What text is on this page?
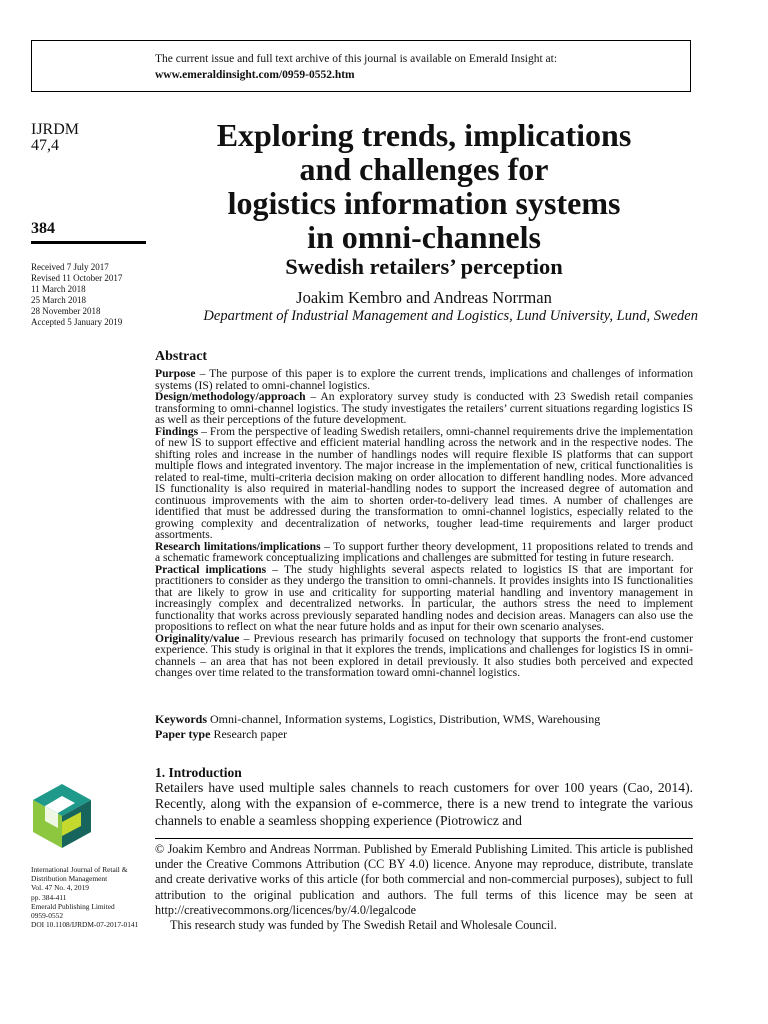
The current issue and full text archive of this journal is available on Emerald Insight at:
www.emeraldinsight.com/0959-0552.htm
IJRDM
47,4
384
Received 7 July 2017
Revised 11 October 2017
11 March 2018
25 March 2018
28 November 2018
Accepted 5 January 2019
Exploring trends, implications
and challenges for
logistics information systems
in omni-channels
Swedish retailers’ perception
Joakim Kembro and Andreas Norrman
Department of Industrial Management and Logistics, Lund University, Lund, Sweden
Abstract

Purpose – The purpose of this paper is to explore the current trends, implications and challenges of information systems (IS) related to omni-channel logistics.

Design/methodology/approach – An exploratory survey study is conducted with 23 Swedish retail companies transforming to omni-channel logistics. The study investigates the retailers’ current situations regarding logistics IS as well as their perceptions of the future development.

Findings – From the perspective of leading Swedish retailers, omni-channel requirements drive the implementation of new IS to support effective and efficient material handling across the network and in the respective nodes. The shifting roles and increase in the number of handlings nodes will require flexible IS platforms that can support multiple flows and integrated inventory. The major increase in the implementation of new, critical functionalities is related to real-time, multi-criteria decision making on order allocation to different handling nodes. More advanced IS functionality is also required in material-handling nodes to support the increased degree of automation and continuous improvements with the aim to shorten order-to-delivery lead times. A number of challenges are identified that must be addressed during the transformation to omni-channel logistics, especially related to the growing complexity and decentralization of networks, tougher lead-time requirements and larger product assortments.

Research limitations/implications – To support further theory development, 11 propositions related to trends and a schematic framework conceptualizing implications and challenges are submitted for testing in future research.

Practical implications – The study highlights several aspects related to logistics IS that are important for practitioners to consider as they undergo the transition to omni-channels. It provides insights into IS functionalities that are likely to grow in use and criticality for supporting material handling and inventory management in increasingly complex and decentralized networks. In particular, the authors stress the need to implement functionality that works across previously separated handling nodes and decision areas. Managers can also use the propositions to reflect on what the near future holds and as input for their own scenario analyses.

Originality/value – Previous research has primarily focused on technology that supports the front-end customer experience. This study is original in that it explores the trends, implications and challenges for logistics IS in omni-channels – an area that has not been explored in detail previously. It also studies both perceived and expected changes over time related to the transformation toward omni-channel logistics.

Keywords Omni-channel, Information systems, Logistics, Distribution, WMS, Warehousing
Paper type Research paper
1. Introduction

Retailers have used multiple sales channels to reach customers for over 100 years (Cao, 2014). Recently, along with the expansion of e-commerce, there is a new trend to integrate the various channels to enable a seamless shopping experience (Piotrowicz and

© Joakim Kembro and Andreas Norrman. Published by Emerald Publishing Limited. This article is published under the Creative Commons Attribution (CC BY 4.0) licence. Anyone may reproduce, distribute, translate and create derivative works of this article (for both commercial and non-commercial purposes), subject to full attribution to the original publication and authors. The full terms of this licence may be seen at http://creativecommons.org/licences/by/4.0/legalcode

This research study was funded by The Swedish Retail and Wholesale Council.

International Journal of Retail &
Distribution Management
Vol. 47 No. 4, 2019
pp. 384-411
Emerald Publishing Limited
0959-0552
DOI 10.1108/IJRDM-07-2017-0141
